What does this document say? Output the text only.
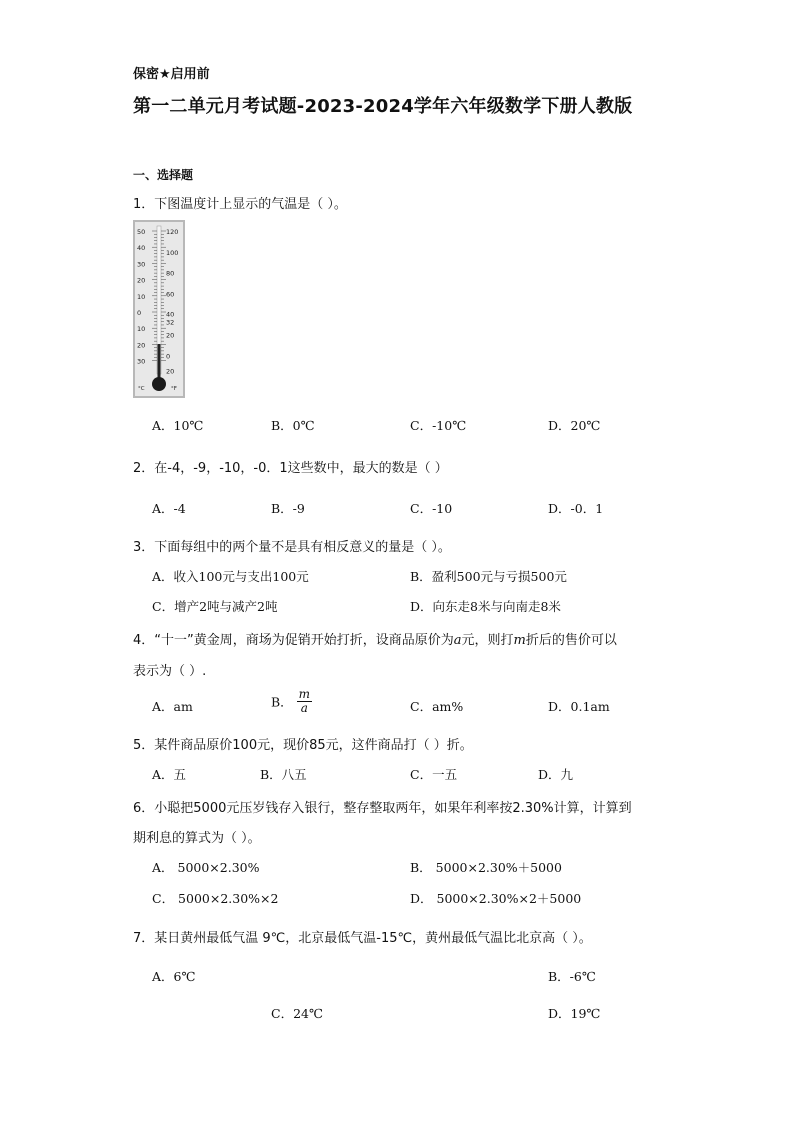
保密★启用前
第一二单元月考试题-2023-2024学年六年级数学下册人教版
一、选择题
1．下图温度计上显示的气温是（ ）。
50
40
30
20
10
0
10
20
30
120
100
80
60
40
32
20
0
20
°C	°F
A．10℃	B．0℃	C．-10℃	D．20℃
2．在-4，-9，-10，-0．1这些数中，最大的数是（ ）
A．-4	B．-9	C．-10	D．-0．1
3．下面每组中的两个量不是具有相反意义的量是（ ）。
A．收入100元与支出100元	B．盈利500元与亏损500元
C．增产2吨与减产2吨	D．向东走8米与向南走8米
4．“十一”黄金周，商场为促销开始打折，设商品原价为a元，则打m折后的售价可以
表示为（ ）.
A．am	B． $\frac{m}{a}$	C．am%	D．0.1am
5．某件商品原价100元，现价85元，这件商品打（ ）折。
A．五	B．八五	C．一五	D．九
6．小聪把5000元压岁钱存入银行，整存整取两年，如果年利率按2.30%计算，计算到
期利息的算式为（ ）。
A． 5000×2.30%	B． 5000×2.30%＋5000
C． 5000×2.30%×2	D． 5000×2.30%×2＋5000
7．某日黄州最低气温 9℃，北京最低气温-15℃，黄州最低气温比北京高（ ）。
A．6℃	B．-6℃
C．24℃	D．19℃
